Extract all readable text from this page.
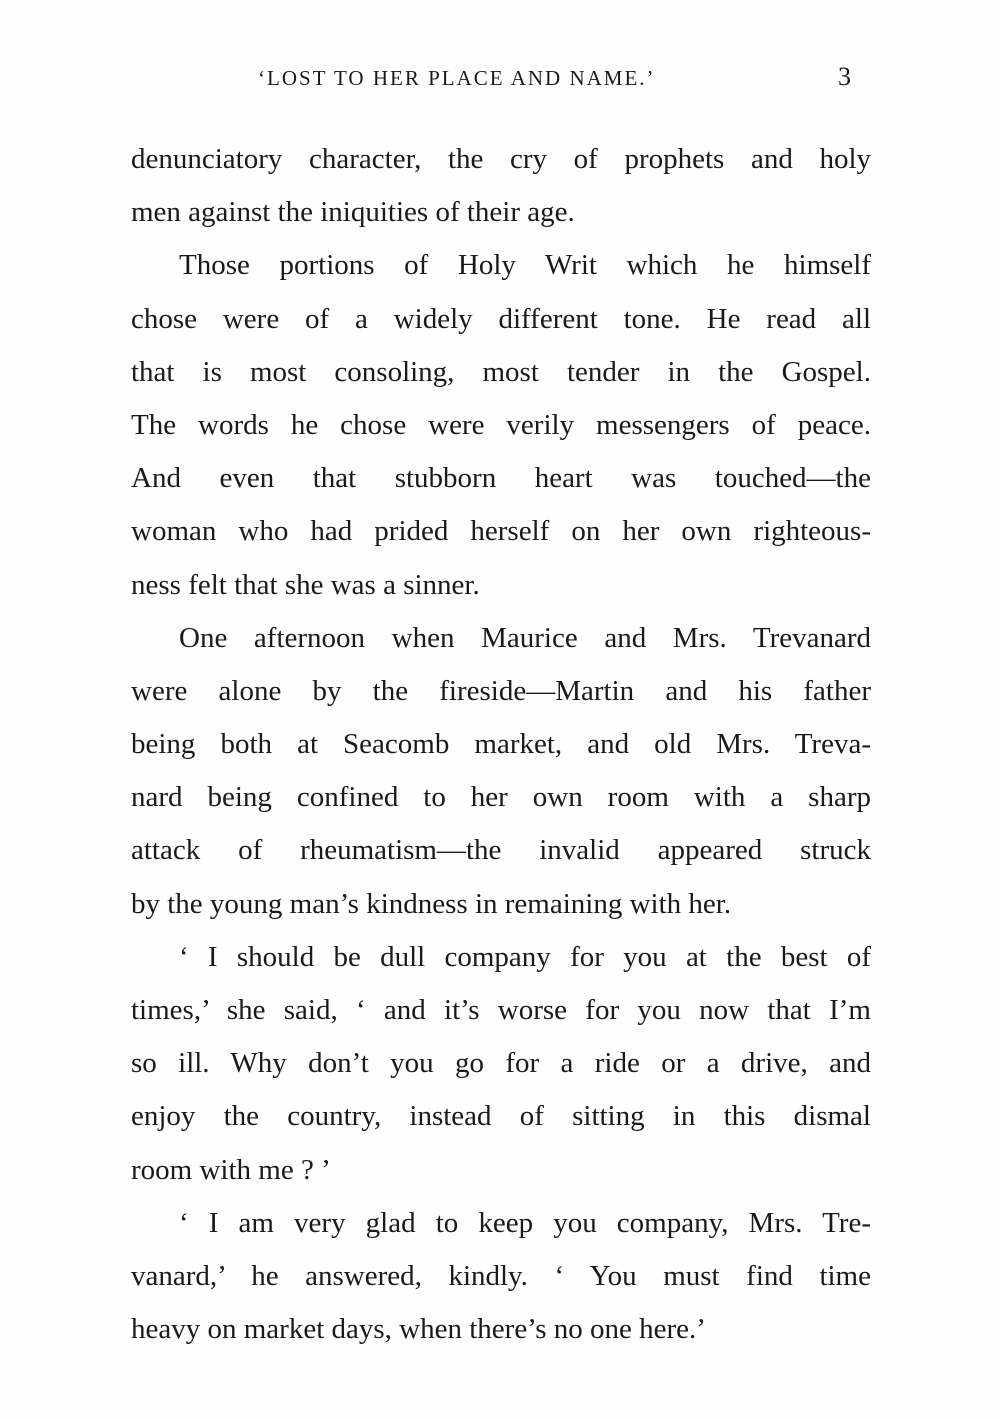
‘LOST TO HER PLACE AND NAME.’	3
denunciatory character, the cry of prophets and holy
men against the iniquities of their age.
Those portions of Holy Writ which he himself
chose were of a widely different tone. He read all
that is most consoling, most tender in the Gospel.
The words he chose were verily messengers of peace.
And even that stubborn heart was touched—the
woman who had prided herself on her own righteous-
ness felt that she was a sinner.
One afternoon when Maurice and Mrs. Trevanard
were alone by the fireside—Martin and his father
being both at Seacomb market, and old Mrs. Treva-
nard being confined to her own room with a sharp
attack of rheumatism—the invalid appeared struck
by the young man’s kindness in remaining with her.
‘ I should be dull company for you at the best of
times,’ she said, ‘ and it’s worse for you now that I’m
so ill. Why don’t you go for a ride or a drive, and
enjoy the country, instead of sitting in this dismal
room with me ? ’
‘ I am very glad to keep you company, Mrs. Tre-
vanard,’ he answered, kindly. ‘ You must find time
heavy on market days, when there’s no one here.’
